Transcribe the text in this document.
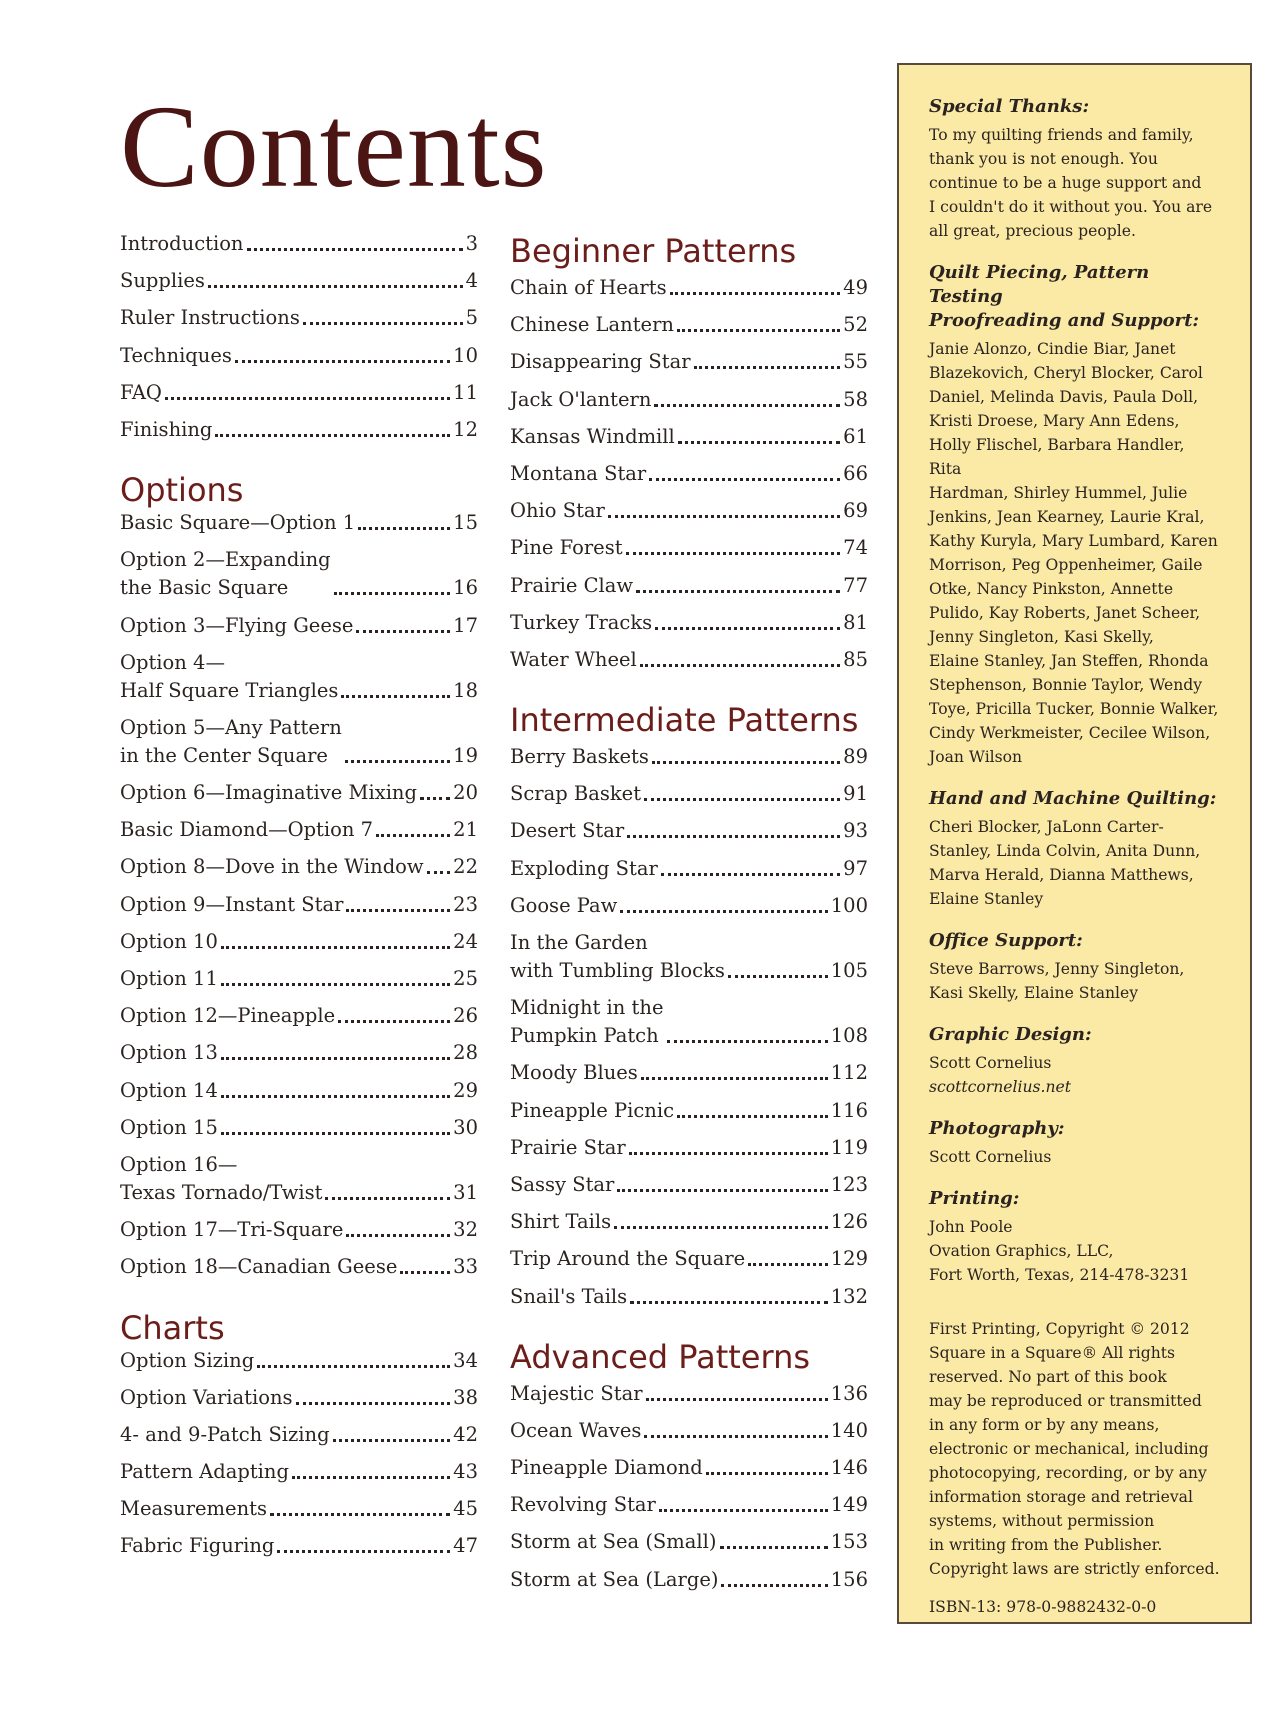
Contents
Introduction	3
Supplies	4
Ruler Instructions	5
Techniques	10
FAQ	11
Finishing	12
Options
Basic Square—Option 1	15
Option 2—Expanding
the Basic Square	16
Option 3—Flying Geese	17
Option 4—
Half Square Triangles	18
Option 5—Any Pattern
in the Center Square	19
Option 6—Imaginative Mixing 20
Basic Diamond—Option 7	21
Option 8—Dove in the Window 22
Option 9—Instant Star	23
Option 10	24
Option 11	25
Option 12—Pineapple	26
Option 13	28
Option 14	29
Option 15	30
Option 16—
Texas Tornado/Twist	31
Option 17—Tri-Square	32
Option 18—Canadian Geese	33
Charts
Option Sizing	34
Option Variations	38
4- and 9-Patch Sizing	42
Pattern Adapting	43
Measurements	45
Fabric Figuring	47
Beginner Patterns
Chain of Hearts	49
Chinese Lantern	52
Disappearing Star	55
Jack O'lantern	58
Kansas Windmill	61
Montana Star	66
Ohio Star	69
Pine Forest	74
Prairie Claw	77
Turkey Tracks	81
Water Wheel	85
Intermediate Patterns
Berry Baskets	89
Scrap Basket	91
Desert Star	93
Exploding Star	97
Goose Paw	100
In the Garden
with Tumbling Blocks	105
Midnight in the
Pumpkin Patch	108
Moody Blues	112
Pineapple Picnic	116
Prairie Star	119
Sassy Star	123
Shirt Tails	126
Trip Around the Square	129
Snail's Tails	132
Advanced Patterns
Majestic Star	136
Ocean Waves	140
Pineapple Diamond	146
Revolving Star	149
Storm at Sea (Small)	153
Storm at Sea (Large)	156

Special Thanks:

To my quilting friends and family,
thank you is not enough. You
continue to be a huge support and
I couldn't do it without you. You are
all great, precious people.

Quilt Piecing, Pattern Testing
Proofreading and Support:

Janie Alonzo, Cindie Biar, Janet
Blazekovich, Cheryl Blocker, Carol
Daniel, Melinda Davis, Paula Doll,
Kristi Droese, Mary Ann Edens,
Holly Flischel, Barbara Handler, Rita
Hardman, Shirley Hummel, Julie
Jenkins, Jean Kearney, Laurie Kral,
Kathy Kuryla, Mary Lumbard, Karen
Morrison, Peg Oppenheimer, Gaile
Otke, Nancy Pinkston, Annette
Pulido, Kay Roberts, Janet Scheer,
Jenny Singleton, Kasi Skelly,
Elaine Stanley, Jan Steffen, Rhonda
Stephenson, Bonnie Taylor, Wendy
Toye, Pricilla Tucker, Bonnie Walker,
Cindy Werkmeister, Cecilee Wilson,
Joan Wilson

Hand and Machine Quilting:

Cheri Blocker, JaLonn Carter-
Stanley, Linda Colvin, Anita Dunn,
Marva Herald, Dianna Matthews,
Elaine Stanley

Office Support:

Steve Barrows, Jenny Singleton,
Kasi Skelly, Elaine Stanley

Graphic Design:

Scott Cornelius

scottcornelius.net

Photography:

Scott Cornelius

Printing:

John Poole
Ovation Graphics, LLC,
Fort Worth, Texas, 214-478-3231

First Printing, Copyright © 2012
Square in a Square® All rights
reserved. No part of this book
may be reproduced or transmitted
in any form or by any means,
electronic or mechanical, including
photocopying, recording, or by any
information storage and retrieval
systems, without permission
in writing from the Publisher.
Copyright laws are strictly enforced.

ISBN-13: 978-0-9882432-0-0
